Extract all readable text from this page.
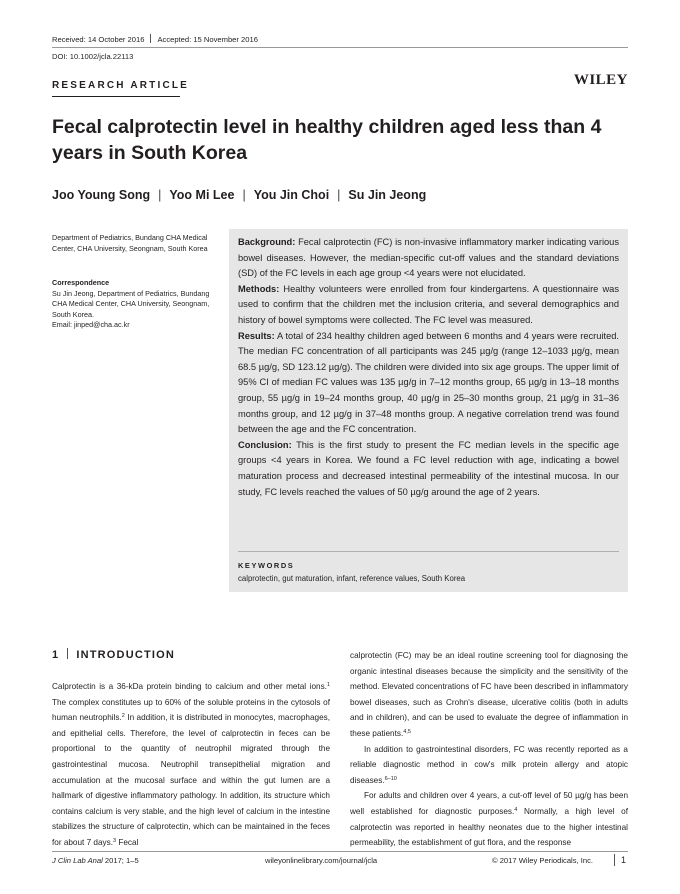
Received: 14 October 2016 Accepted: 15 November 2016
DOI: 10.1002/jcla.22113
RESEARCH ARTICLE	WILEY
Fecal calprotectin level in healthy children aged less than 4 years in South Korea
Joo Young Song | Yoo Mi Lee | You Jin Choi | Su Jin Jeong
Department of Pediatrics, Bundang CHA Medical Center, CHA University, Seongnam, South Korea
Correspondence
Su Jin Jeong, Department of Pediatrics, Bundang CHA Medical Center, CHA University, Seongnam, South Korea.
Email: jinped@cha.ac.kr

Background: Fecal calprotectin (FC) is non-invasive inflammatory marker indicating various bowel diseases. However, the median-specific cut-off values and the standard deviations (SD) of the FC levels in each age group <4 years were not elucidated.

Methods: Healthy volunteers were enrolled from four kindergartens. A questionnaire was used to confirm that the children met the inclusion criteria, and several demographics and history of bowel symptoms were collected. The FC level was measured.

Results: A total of 234 healthy children aged between 6 months and 4 years were recruited. The median FC concentration of all participants was 245 µg/g (range 12–1033 µg/g, mean 68.5 µg/g, SD 123.12 µg/g). The children were divided into six age groups. The upper limit of 95% CI of median FC values was 135 µg/g in 7–12 months group, 65 µg/g in 13–18 months group, 55 µg/g in 19–24 months group, 40 µg/g in 25–30 months group, 21 µg/g in 31–36 months group, and 12 µg/g in 37–48 months group. A negative correlation trend was found between the age and the FC concentration.

Conclusion: This is the first study to present the FC median levels in the specific age groups <4 years in Korea. We found a FC level reduction with age, indicating a bowel maturation process and decreased intestinal permeability of the intestinal mucosa. In our study, FC levels reached the values of 50 µg/g around the age of 2 years.

KEYWORDS
calprotectin, gut maturation, infant, reference values, South Korea
1 INTRODUCTION

Calprotectin is a 36-kDa protein binding to calcium and other metal ions.$^1$ The complex constitutes up to 60% of the soluble proteins in the cytosols of human neutrophils.$^2$ In addition, it is distributed in monocytes, macrophages, and epithelial cells. Therefore, the level of calprotectin in feces can be proportional to the quantity of neutrophil migrated through the gastrointestinal mucosa. Neutrophil transepithelial migration and accumulation at the mucosal surface and within the gut lumen are a hallmark of digestive inflammatory pathology. In addition, its structure which contains calcium is very stable, and the high level of calcium in the intestine stabilizes the structure of calprotectin, which can be maintained in the feces for about 7 days.$^3$ Fecal

calprotectin (FC) may be an ideal routine screening tool for diagnosing the organic intestinal diseases because the simplicity and the sensitivity of the method. Elevated concentrations of FC have been described in inflammatory bowel diseases, such as Crohn's disease, ulcerative colitis (both in adults and in children), and can be used to evaluate the degree of inflammation in these patients.$^{4,5}$

In addition to gastrointestinal disorders, FC was recently reported as a reliable diagnostic method in cow's milk protein allergy and atopic diseases.$^{6-10}$

For adults and children over 4 years, a cut-off level of 50 µg/g has been well established for diagnostic purposes.$^4$ Normally, a high level of calprotectin was reported in healthy neonates due to the higher intestinal permeability, the establishment of gut flora, and the response

J Clin Lab Anal 2017; 1–5	wileyonlinelibrary.com/journal/jcla	© 2017 Wiley Periodicals, Inc.	1
